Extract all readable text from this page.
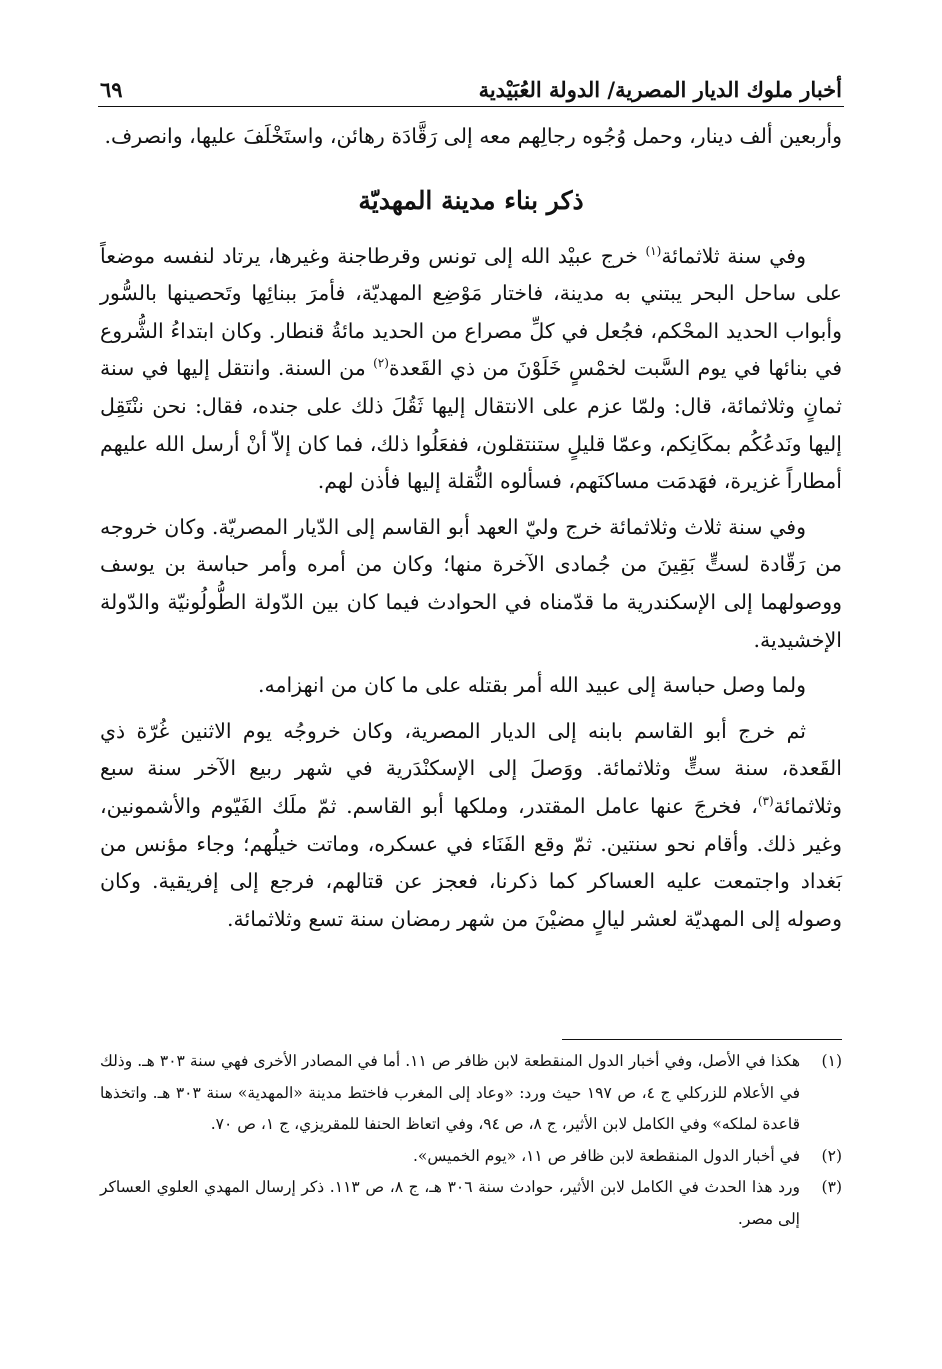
أخبار ملوك الديار المصرية/ الدولة العُبَيْدية
٦٩

وأربعين ألف دينار، وحمل وُجُوه رجالِهم معه إلى رَقَّادَة رهائن، واستَخْلَفَ عليها، وانصرف.

ذكر بناء مدينة المهديّة

وفي سنة ثلاثمائة$^{(١)}$ خرج عبيْد الله إلى تونس وقرطاجنة وغيرها، يرتاد لنفسه موضعاً على ساحل البحر يبتني به مدينة، فاختار مَوْضِع المهديّة، فأمرَ ببنائِها وتَحصينها بالسُّور وأبواب الحديد المحْكم، فجُعل في كلِّ مصراع من الحديد مائةُ قنطار. وكان ابتداءُ الشُّروع في بنائها في يوم السَّبت لخمْسٍ خَلَوْنَ من ذي القَعدة$^{(٢)}$ من السنة. وانتقل إليها في سنة ثمانٍ وثلاثمائة، قال: ولمّا عزم على الانتقال إليها ثَقُلَ ذلك على جنده، فقال: نحن ننْتَقِل إليها ونَدعُكُم بمكَانِكم، وعمّا قليلٍ ستنتقلون، ففعَلُوا ذلك، فما كان إلاّ أنْ أرسل الله عليهم أمطاراً غزيرة، فهَدمَت مساكنَهم، فسألوه النُّقلة إليها فأذن لهم.

وفي سنة ثلاث وثلاثمائة خرج وليّ العهد أبو القاسم إلى الدّيار المصريّة. وكان خروجه من رَقّادة لستٍّ بَقِينَ من جُمادى الآخرة منها؛ وكان من أمره وأمر حباسة بن يوسف ووصولهما إلى الإسكندرية ما قدّمناه في الحوادث فيما كان بين الدّولة الطُّولُونيّة والدّولة الإخشيدية.

ولما وصل حباسة إلى عبيد الله أمر بقتله على ما كان من انهزامه.

ثم خرج أبو القاسم بابنه إلى الديار المصرية، وكان خروجُه يوم الاثنين غُرّة ذي القَعدة، سنة ستٍّ وثلاثمائة. ووَصلَ إلى الإسكنْدَرية في شهر ربيع الآخر سنة سبع وثلاثمائة$^{(٣)}$، فخرجَ عنها عامل المقتدر، وملكها أبو القاسم. ثمّ ملَك الفَيّوم والأشمونين، وغير ذلك. وأقام نحو سنتين. ثمّ وقع الفَنَاء في عسكره، وماتت خيلُهم؛ وجاء مؤنس من بَغداد واجتمعت عليه العساكر كما ذكرنا، فعجز عن قتالهم، فرجع إلى إفريقية. وكان وصوله إلى المهديّة لعشر ليالٍ مضيْنَ من شهر رمضان سنة تسع وثلاثمائة.

(١)
هكذا في الأصل، وفي أخبار الدول المنقطعة لابن ظافر ص ١١. أما في المصادر الأخرى فهي سنة ٣٠٣ هـ. وذلك في الأعلام للزركلي ج ٤، ص ١٩٧ حيث ورد: «وعاد إلى المغرب فاختط مدينة «المهدية» سنة ٣٠٣ هـ. واتخذها قاعدة لملكه» وفي الكامل لابن الأثير، ج ٨، ص ٩٤، وفي اتعاظ الحنفا للمقريزي، ج ١، ص ٧٠.
(٢)
في أخبار الدول المنقطعة لابن ظافر ص ١١، «يوم الخميس».
(٣)
ورد هذا الحدث في الكامل لابن الأثير، حوادث سنة ٣٠٦ هـ، ج ٨، ص ١١٣. ذكر إرسال المهدي العلوي العساكر إلى مصر.
